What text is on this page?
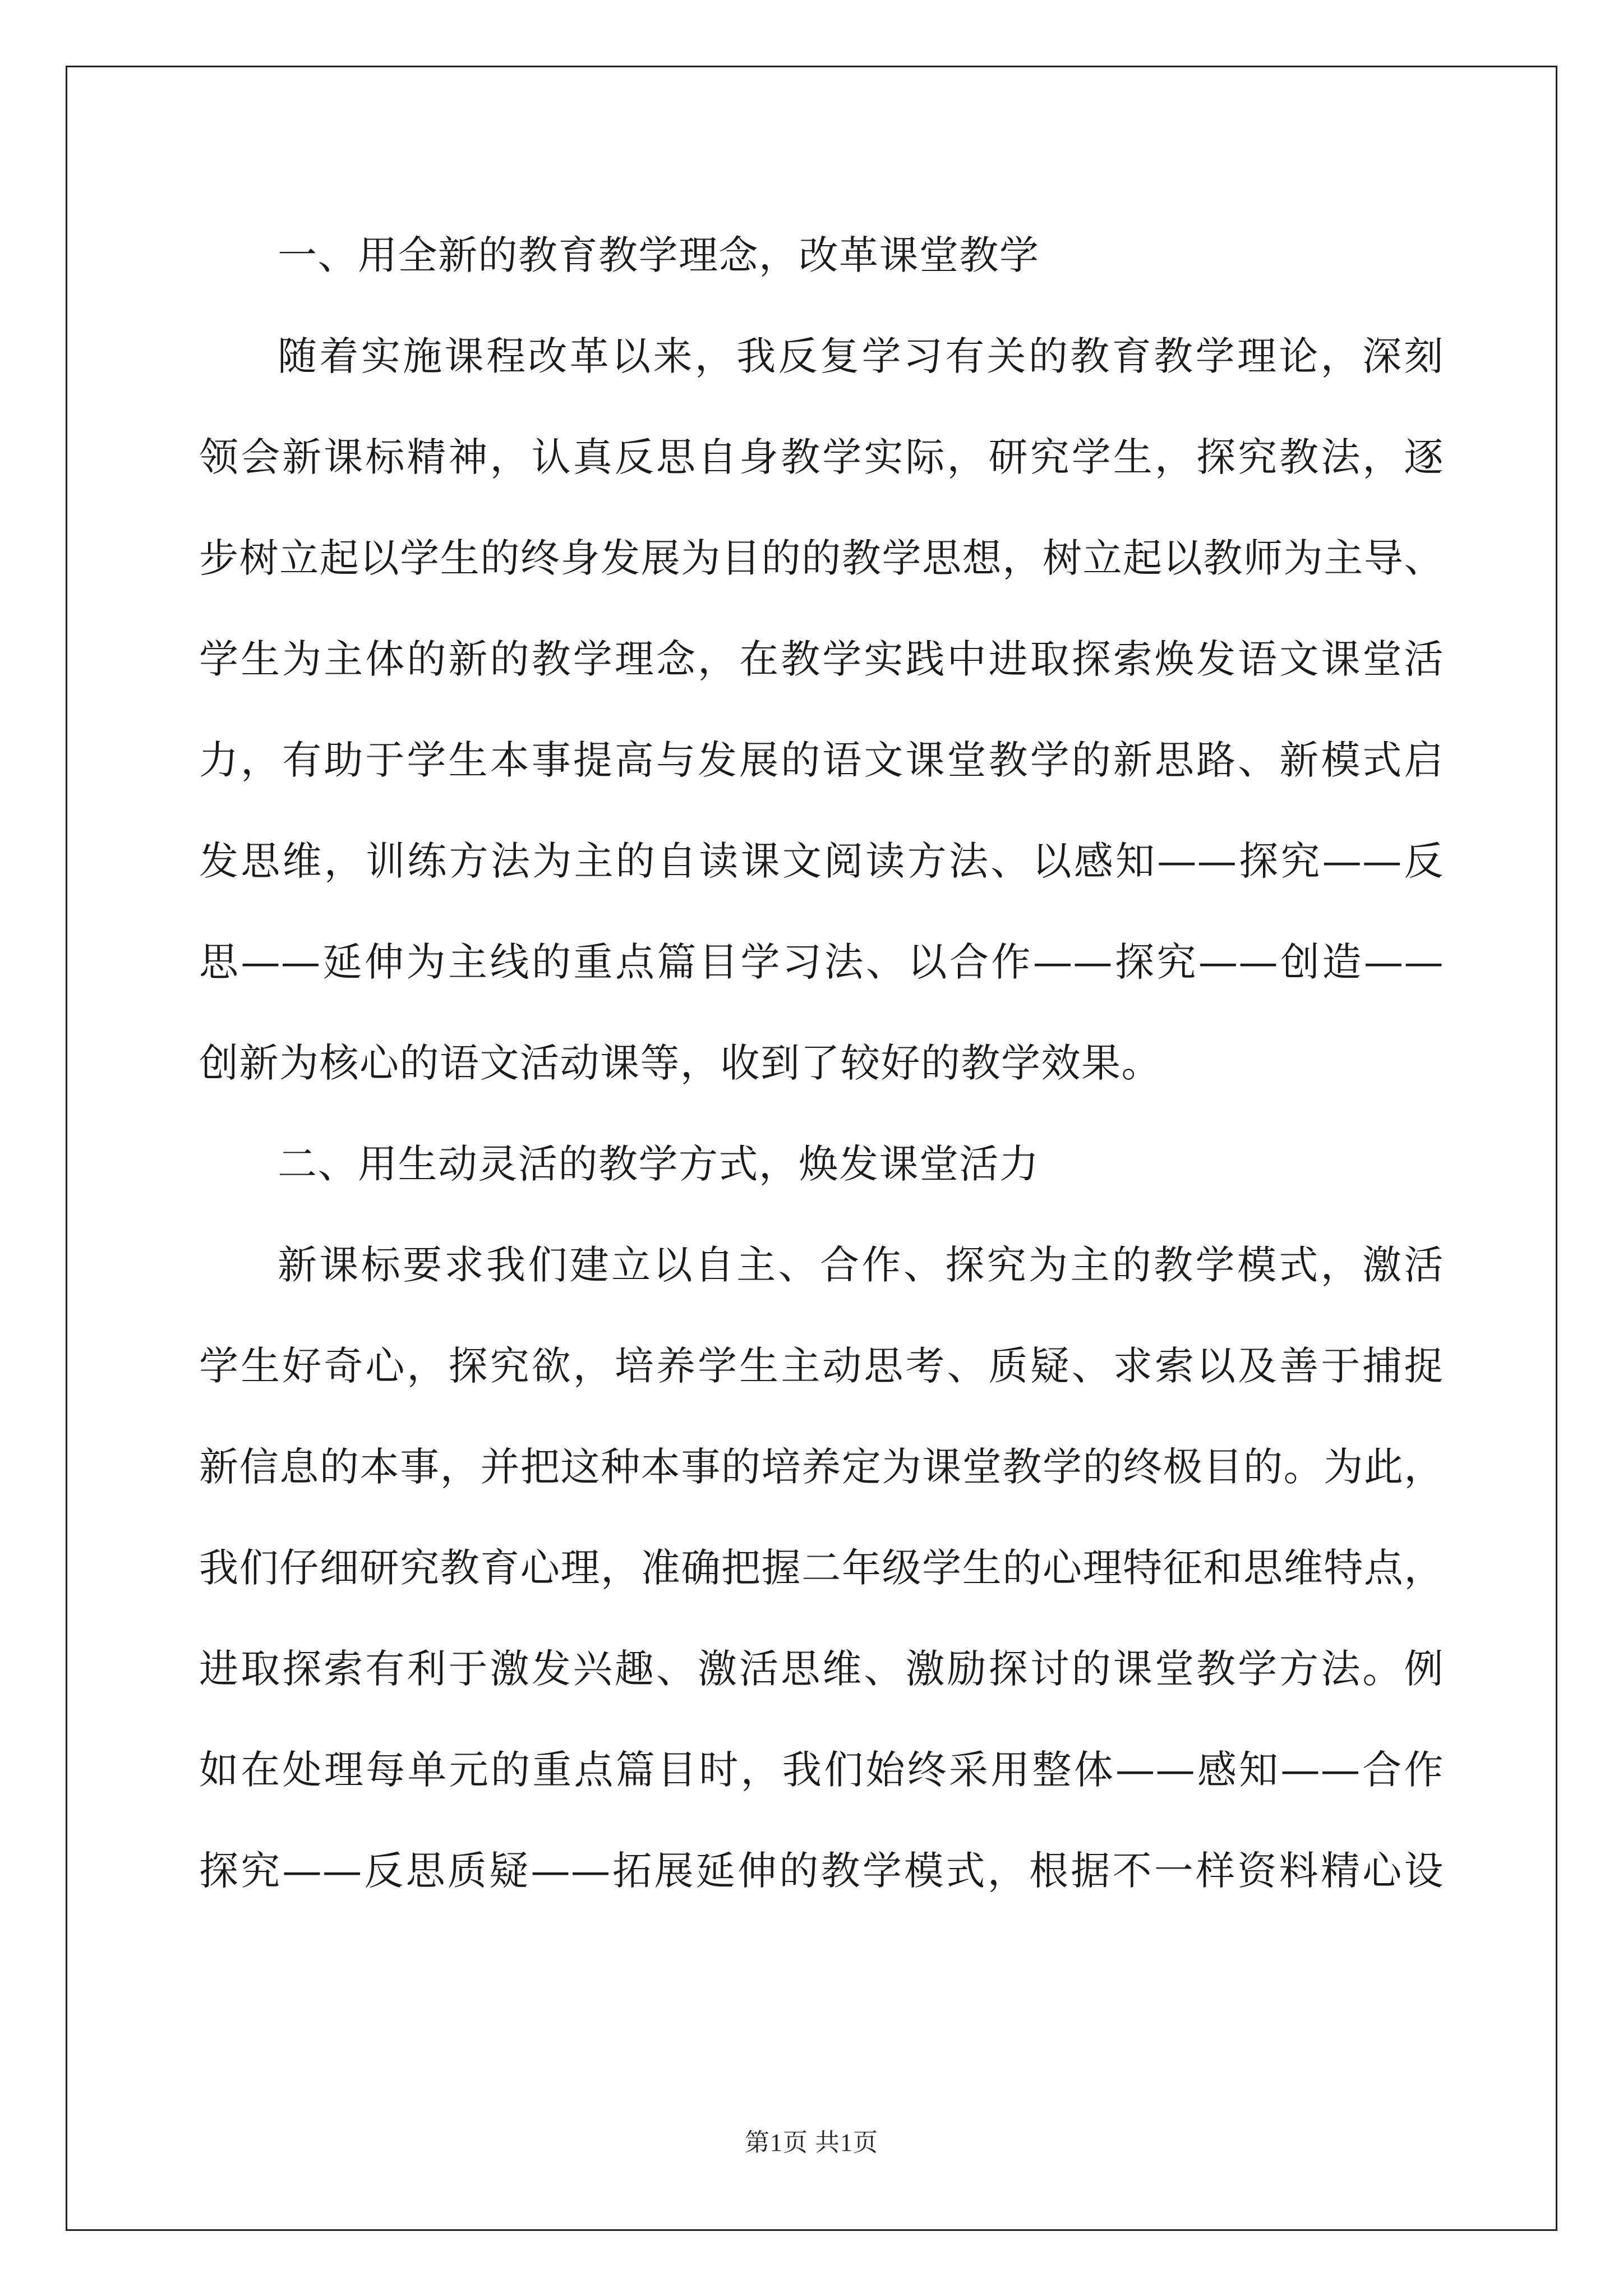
一、用全新的教育教学理念，改革课堂教学
随着实施课程改革以来，我反复学习有关的教育教学理论，深刻
领会新课标精神，认真反思自身教学实际，研究学生，探究教法，逐
步树立起以学生的终身发展为目的的教学思想，树立起以教师为主导、
学生为主体的新的教学理念，在教学实践中进取探索焕发语文课堂活
力，有助于学生本事提高与发展的语文课堂教学的新思路、新模式启
发思维，训练方法为主的自读课文阅读方法、以感知——探究——反
思——延伸为主线的重点篇目学习法、以合作——探究——创造——
创新为核心的语文活动课等，收到了较好的教学效果。
二、用生动灵活的教学方式，焕发课堂活力
新课标要求我们建立以自主、合作、探究为主的教学模式，激活
学生好奇心，探究欲，培养学生主动思考、质疑、求索以及善于捕捉
新信息的本事，并把这种本事的培养定为课堂教学的终极目的。为此，
我们仔细研究教育心理，准确把握二年级学生的心理特征和思维特点，
进取探索有利于激发兴趣、激活思维、激励探讨的课堂教学方法。例
如在处理每单元的重点篇目时，我们始终采用整体——感知——合作
探究——反思质疑——拓展延伸的教学模式，根据不一样资料精心设
第1页 共1页
